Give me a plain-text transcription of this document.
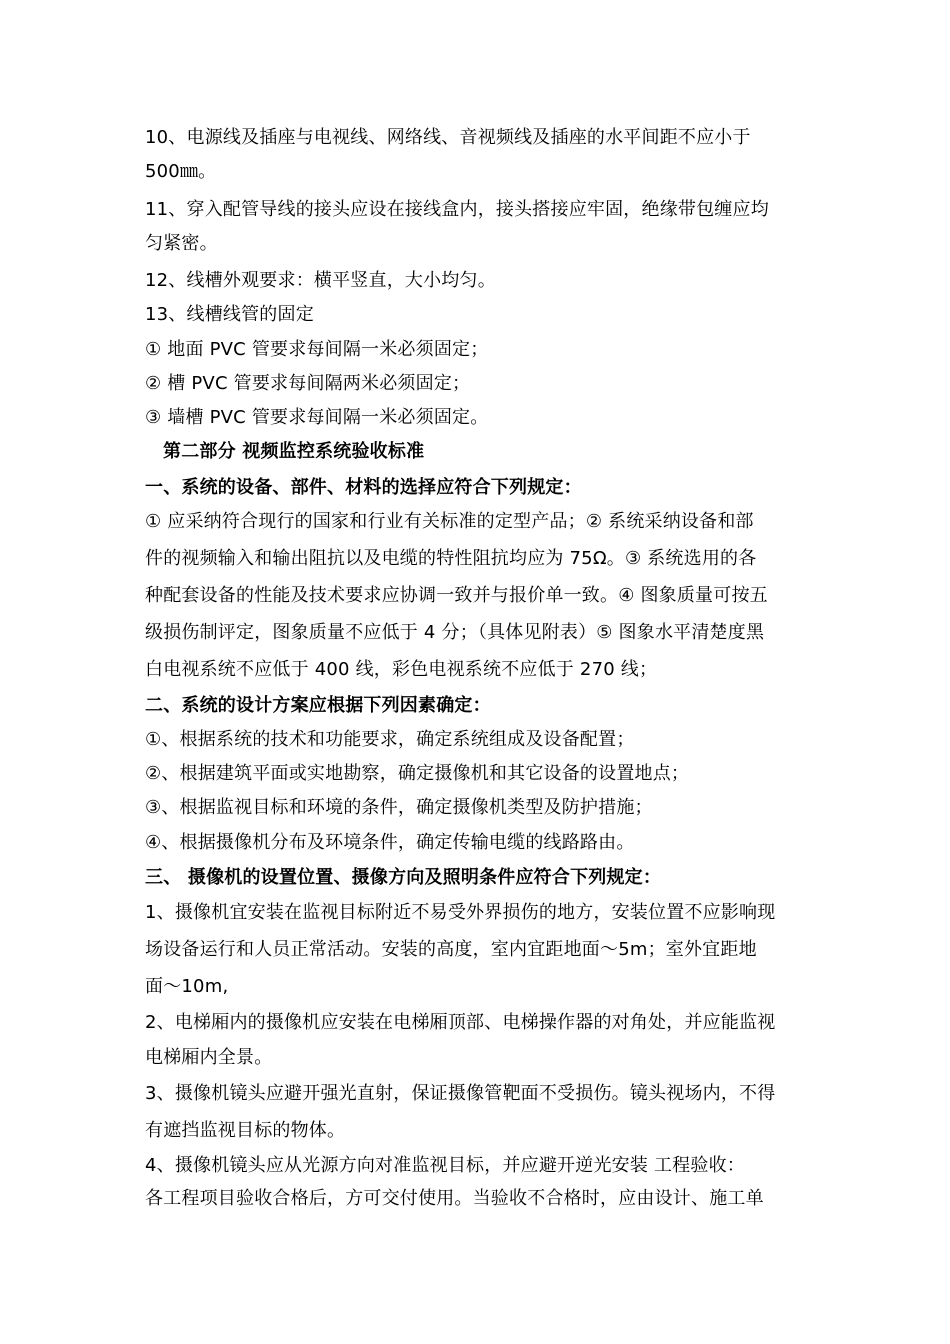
10、电源线及插座与电视线、网络线、音视频线及插座的水平间距不应小于
500㎜。
11、穿入配管导线的接头应设在接线盒内，接头搭接应牢固，绝缘带包缠应均
匀紧密。
12、线槽外观要求：横平竖直，大小均匀。
13、线槽线管的固定
① 地面 PVC 管要求每间隔一米必须固定；
② 槽 PVC 管要求每间隔两米必须固定；
③ 墙槽 PVC 管要求每间隔一米必须固定。
第二部分 视频监控系统验收标准
一、系统的设备、部件、材料的选择应符合下列规定：
① 应采纳符合现行的国家和行业有关标准的定型产品；② 系统采纳设备和部
件的视频输入和输出阻抗以及电缆的特性阻抗均应为 75Ω。③ 系统选用的各
种配套设备的性能及技术要求应协调一致并与报价单一致。④ 图象质量可按五
级损伤制评定，图象质量不应低于 4 分；（具体见附表）⑤ 图象水平清楚度黑
白电视系统不应低于 400 线，彩色电视系统不应低于 270 线；
二、系统的设计方案应根据下列因素确定：
①、根据系统的技术和功能要求，确定系统组成及设备配置；
②、根据建筑平面或实地勘察，确定摄像机和其它设备的设置地点；
③、根据监视目标和环境的条件，确定摄像机类型及防护措施；
④、根据摄像机分布及环境条件，确定传输电缆的线路路由。
三、 摄像机的设置位置、摄像方向及照明条件应符合下列规定：
1、摄像机宜安装在监视目标附近不易受外界损伤的地方，安装位置不应影响现
场设备运行和人员正常活动。安装的高度，室内宜距地面～5m；室外宜距地
面～10m,
2、电梯厢内的摄像机应安装在电梯厢顶部、电梯操作器的对角处，并应能监视
电梯厢内全景。
3、摄像机镜头应避开强光直射，保证摄像管靶面不受损伤。镜头视场内，不得
有遮挡监视目标的物体。
4、摄像机镜头应从光源方向对准监视目标，并应避开逆光安装 工程验收：
各工程项目验收合格后，方可交付使用。当验收不合格时，应由设计、施工单
